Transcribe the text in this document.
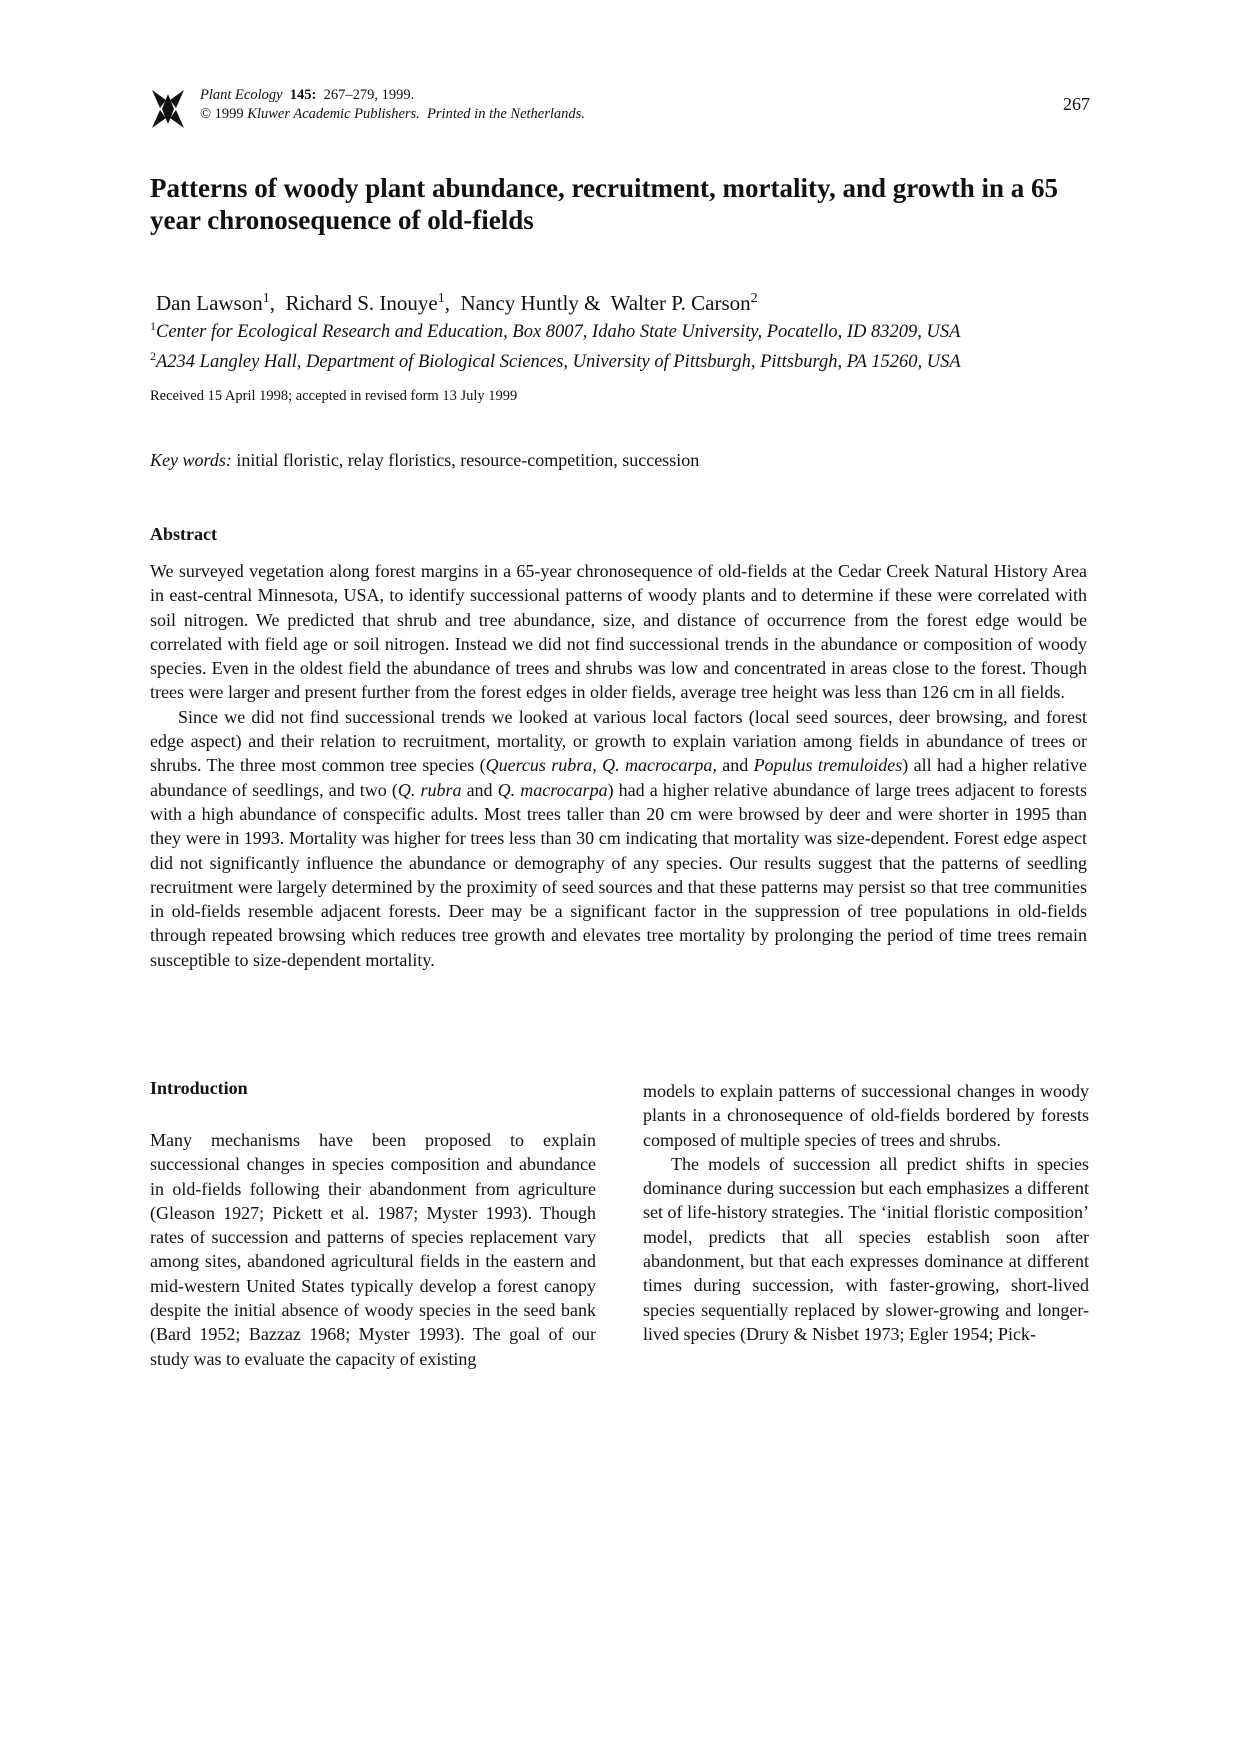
Plant Ecology 145: 267–279, 1999.
© 1999 Kluwer Academic Publishers. Printed in the Netherlands.	267
Patterns of woody plant abundance, recruitment, mortality, and growth in a 65 year chronosequence of old-fields
Dan Lawson$^1$,  Richard S. Inouye$^1$,  Nancy Huntly &  Walter P. Carson$^2$
$^1$Center for Ecological Research and Education, Box 8007, Idaho State University, Pocatello, ID 83209, USA
$^2$A234 Langley Hall, Department of Biological Sciences, University of Pittsburgh, Pittsburgh, PA 15260, USA
Received 15 April 1998; accepted in revised form 13 July 1999
Key words: initial floristic, relay floristics, resource-competition, succession
Abstract

We surveyed vegetation along forest margins in a 65-year chronosequence of old-fields at the Cedar Creek Natural History Area in east-central Minnesota, USA, to identify successional patterns of woody plants and to determine if these were correlated with soil nitrogen. We predicted that shrub and tree abundance, size, and distance of occurrence from the forest edge would be correlated with field age or soil nitrogen. Instead we did not find successional trends in the abundance or composition of woody species. Even in the oldest field the abundance of trees and shrubs was low and concentrated in areas close to the forest. Though trees were larger and present further from the forest edges in older fields, average tree height was less than 126 cm in all fields.

Since we did not find successional trends we looked at various local factors (local seed sources, deer browsing, and forest edge aspect) and their relation to recruitment, mortality, or growth to explain variation among fields in abundance of trees or shrubs. The three most common tree species (Quercus rubra, Q. macrocarpa, and Populus tremuloides) all had a higher relative abundance of seedlings, and two (Q. rubra and Q. macrocarpa) had a higher relative abundance of large trees adjacent to forests with a high abundance of conspecific adults. Most trees taller than 20 cm were browsed by deer and were shorter in 1995 than they were in 1993. Mortality was higher for trees less than 30 cm indicating that mortality was size-dependent. Forest edge aspect did not significantly influence the abundance or demography of any species. Our results suggest that the patterns of seedling recruitment were largely determined by the proximity of seed sources and that these patterns may persist so that tree communities in old-fields resemble adjacent forests. Deer may be a significant factor in the suppression of tree populations in old-fields through repeated browsing which reduces tree growth and elevates tree mortality by prolonging the period of time trees remain susceptible to size-dependent mortality.

Introduction

Many mechanisms have been proposed to explain successional changes in species composition and abundance in old-fields following their abandonment from agriculture (Gleason 1927; Pickett et al. 1987; Myster 1993). Though rates of succession and patterns of species replacement vary among sites, abandoned agricultural fields in the eastern and mid-western United States typically develop a forest canopy despite the initial absence of woody species in the seed bank (Bard 1952; Bazzaz 1968; Myster 1993). The goal of our study was to evaluate the capacity of existing

models to explain patterns of successional changes in woody plants in a chronosequence of old-fields bordered by forests composed of multiple species of trees and shrubs.

The models of succession all predict shifts in species dominance during succession but each emphasizes a different set of life-history strategies. The ‘initial floristic composition’ model, predicts that all species establish soon after abandonment, but that each expresses dominance at different times during succession, with faster-growing, short-lived species sequentially replaced by slower-growing and longer-lived species (Drury & Nisbet 1973; Egler 1954; Pick-
